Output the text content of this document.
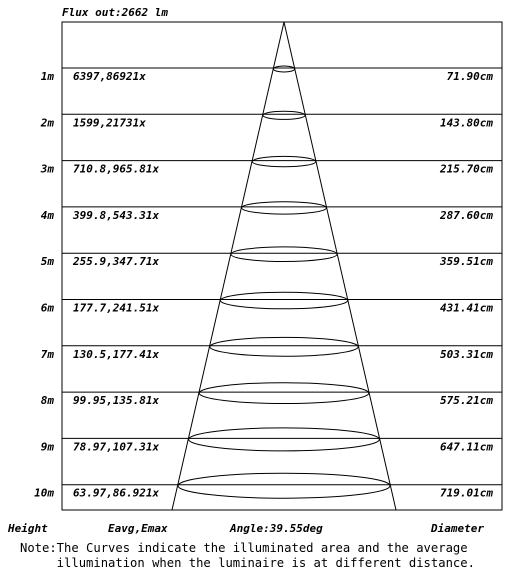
Flux out:2662 lm
1m 6397,86921x	71.90cm
2m 1599,21731x	143.80cm
3m 710.8,965.81x	215.70cm
4m 399.8,543.31x	287.60cm
5m 255.9,347.71x	359.51cm
6m 177.7,241.51x	431.41cm
7m 130.5,177.41x	503.31cm
8m 99.95,135.81x	575.21cm
9m 78.97,107.31x	647.11cm
10m 63.97,86.921x	719.01cm
Height	Eavg,Emax	Angle:39.55deg	Diameter
Note:The Curves indicate the illuminated area and the average
illumination when the luminaire is at different distance.
